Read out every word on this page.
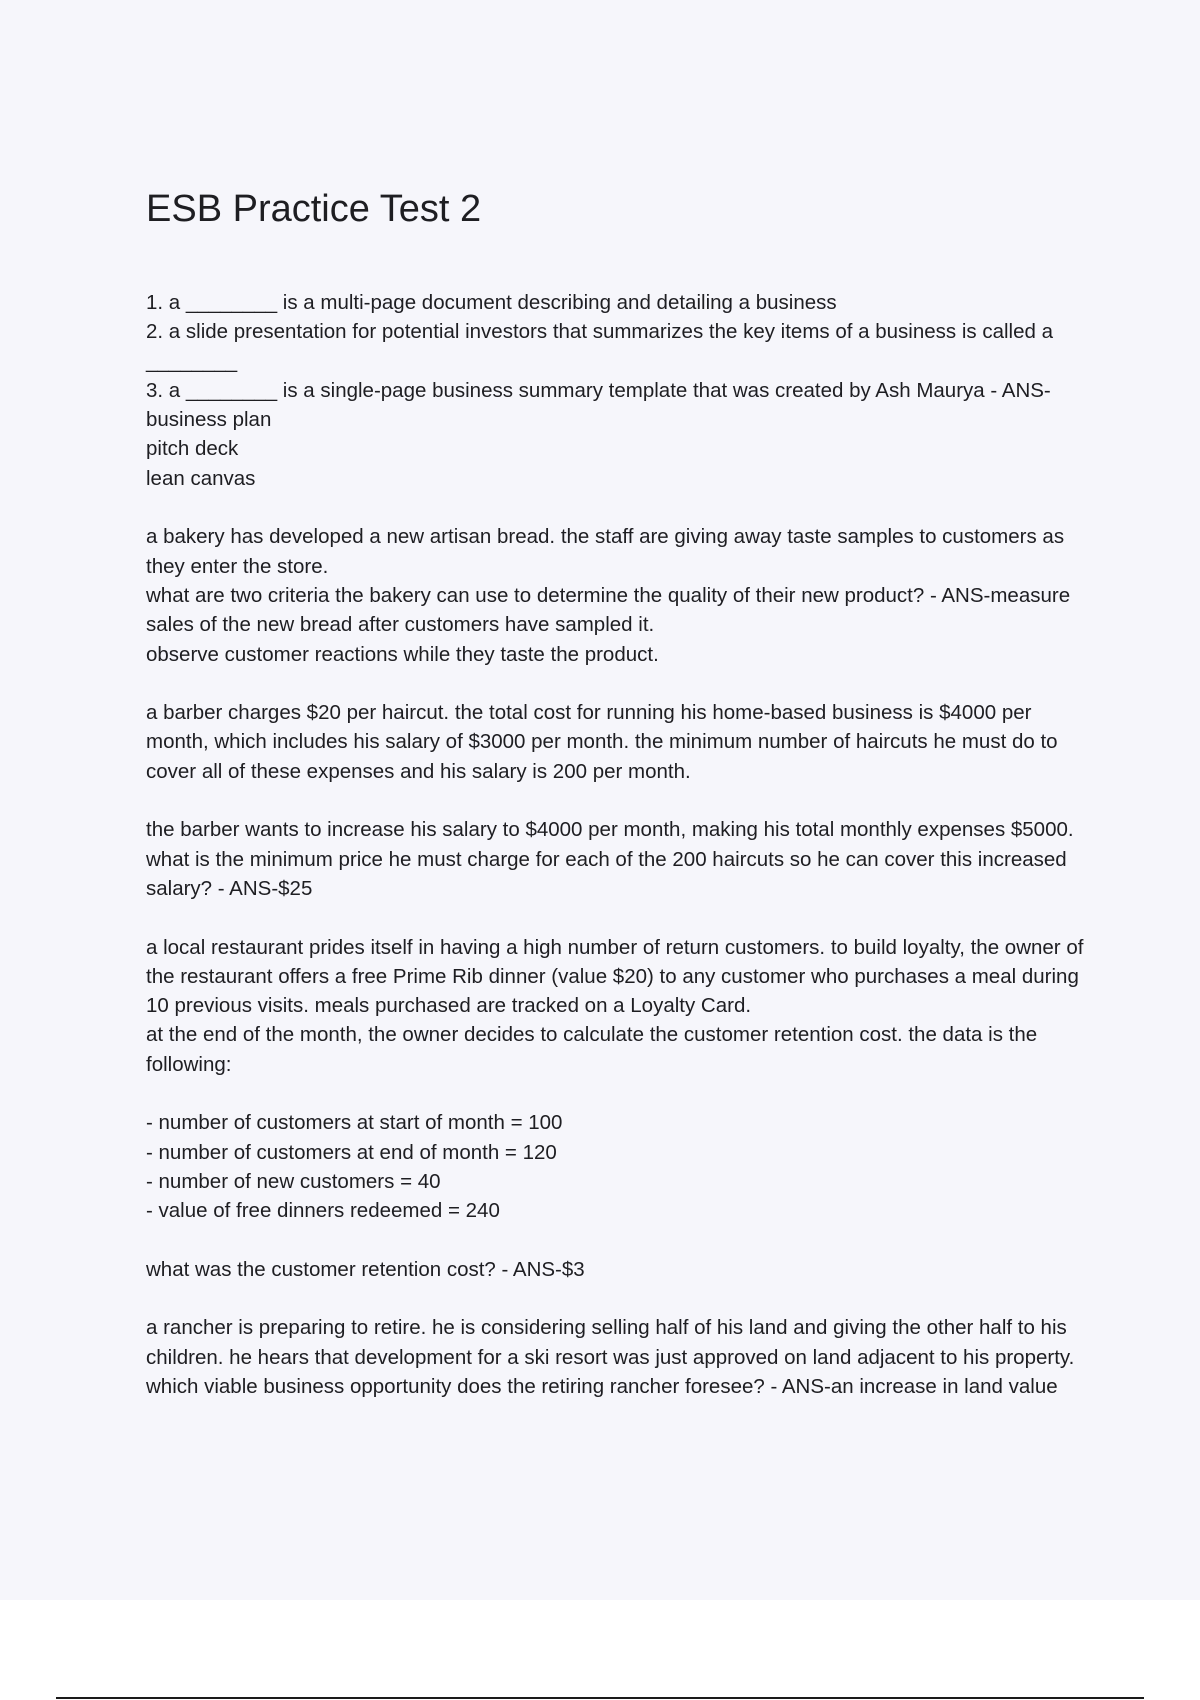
ESB Practice Test 2
1. a ________ is a multi-page document describing and detailing a business
2. a slide presentation for potential investors that summarizes the key items of a business is called a ________
3. a ________ is a single-page business summary template that was created by Ash Maurya - ANS-business plan
pitch deck
lean canvas
a bakery has developed a new artisan bread. the staff are giving away taste samples to customers as they enter the store.
what are two criteria the bakery can use to determine the quality of their new product? - ANS-measure sales of the new bread after customers have sampled it.
observe customer reactions while they taste the product.
a barber charges $20 per haircut. the total cost for running his home-based business is $4000 per month, which includes his salary of $3000 per month. the minimum number of haircuts he must do to cover all of these expenses and his salary is 200 per month.
the barber wants to increase his salary to $4000 per month, making his total monthly expenses $5000. what is the minimum price he must charge for each of the 200 haircuts so he can cover this increased salary? - ANS-$25
a local restaurant prides itself in having a high number of return customers. to build loyalty, the owner of the restaurant offers a free Prime Rib dinner (value $20) to any customer who purchases a meal during 10 previous visits. meals purchased are tracked on a Loyalty Card.
at the end of the month, the owner decides to calculate the customer retention cost. the data is the following:
- number of customers at start of month = 100
- number of customers at end of month = 120
- number of new customers = 40
- value of free dinners redeemed = 240
what was the customer retention cost? - ANS-$3
a rancher is preparing to retire. he is considering selling half of his land and giving the other half to his children. he hears that development for a ski resort was just approved on land adjacent to his property.
which viable business opportunity does the retiring rancher foresee? - ANS-an increase in land value
